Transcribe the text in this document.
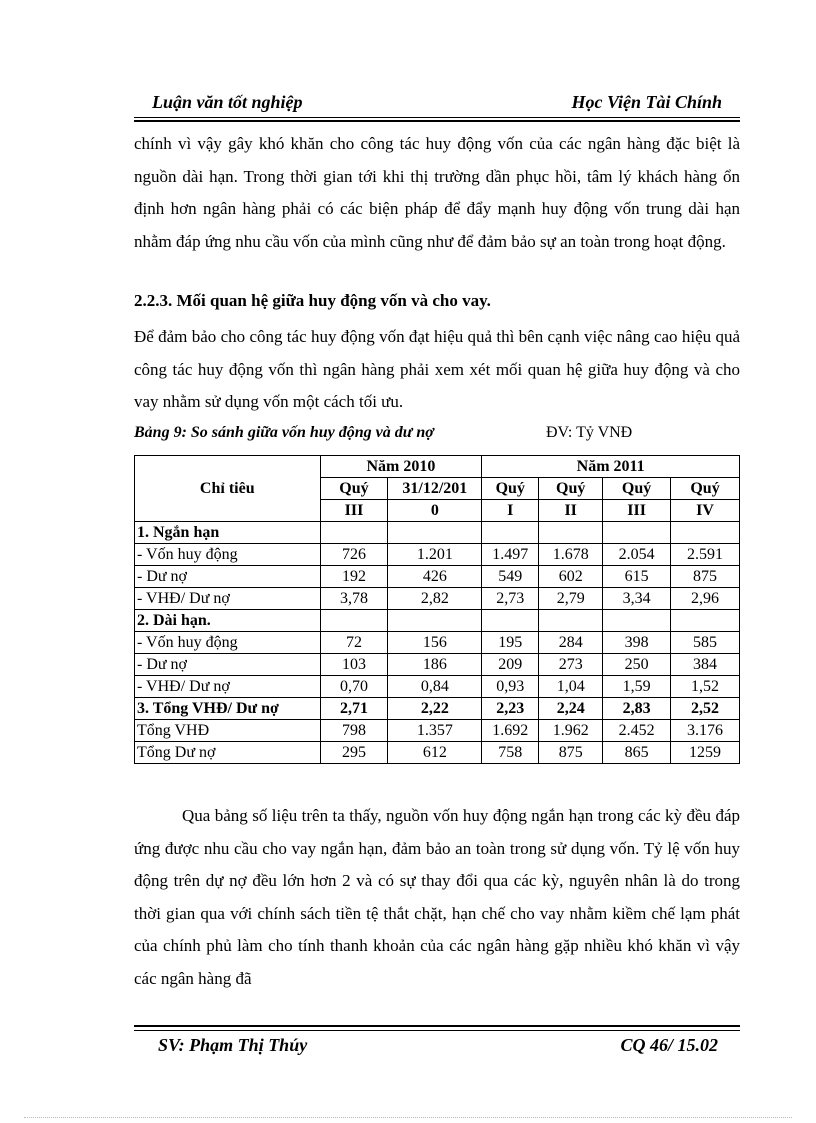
Luận văn tốt nghiệp	Học Viện Tài Chính
chính vì vậy gây khó khăn cho công tác huy động vốn của các ngân hàng đặc biệt là nguồn dài hạn. Trong thời gian tới khi thị trường dần phục hồi, tâm lý khách hàng ổn định hơn ngân hàng phải có các biện pháp để đẩy mạnh huy động vốn trung dài hạn nhằm đáp ứng nhu cầu vốn của mình cũng như để đảm bảo sự an toàn trong hoạt động.
2.2.3. Mối quan hệ giữa huy động vốn và cho vay.
Để đảm bảo cho công tác huy động vốn đạt hiệu quả thì bên cạnh việc nâng cao hiệu quả công tác huy động vốn thì ngân hàng phải xem xét mối quan hệ giữa huy động và cho vay nhằm sử dụng vốn một cách tối ưu.
Bảng 9: So sánh giữa vốn huy động và dư nợ	ĐV: Tỷ VNĐ
Chỉ tiêu	Năm 2010		Năm 2011			
	Quý	31/12/201	Quý	Quý	Quý	Quý
	III	0	I	II	III	IV
1. Ngắn hạn						
- Vốn huy động	726	1.201	1.497	1.678	2.054	2.591
- Dư nợ	192	426	549	602	615	875
- VHĐ/ Dư nợ	3,78	2,82	2,73	2,79	3,34	2,96
2. Dài hạn.						
- Vốn huy động	72	156	195	284	398	585
- Dư nợ	103	186	209	273	250	384
- VHĐ/ Dư nợ	0,70	0,84	0,93	1,04	1,59	1,52
3. Tổng VHĐ/ Dư nợ	2,71	2,22	2,23	2,24	2,83	2,52
Tổng VHĐ	798	1.357	1.692	1.962	2.452	3.176
Tổng Dư nợ	295	612	758	875	865	1259
Qua bảng số liệu trên ta thấy, nguồn vốn huy động ngắn hạn trong các kỳ đều đáp ứng được nhu cầu cho vay ngắn hạn, đảm bảo an toàn trong sử dụng vốn. Tỷ lệ vốn huy động trên dự nợ đều lớn hơn 2 và có sự thay đổi qua các kỳ, nguyên nhân là do trong thời gian qua với chính sách tiền tệ thắt chặt, hạn chế cho vay nhằm kiềm chế lạm phát của chính phủ làm cho tính thanh khoản của các ngân hàng gặp nhiều khó khăn vì vậy các ngân hàng đã
SV: Phạm Thị Thúy	CQ 46/ 15.02
